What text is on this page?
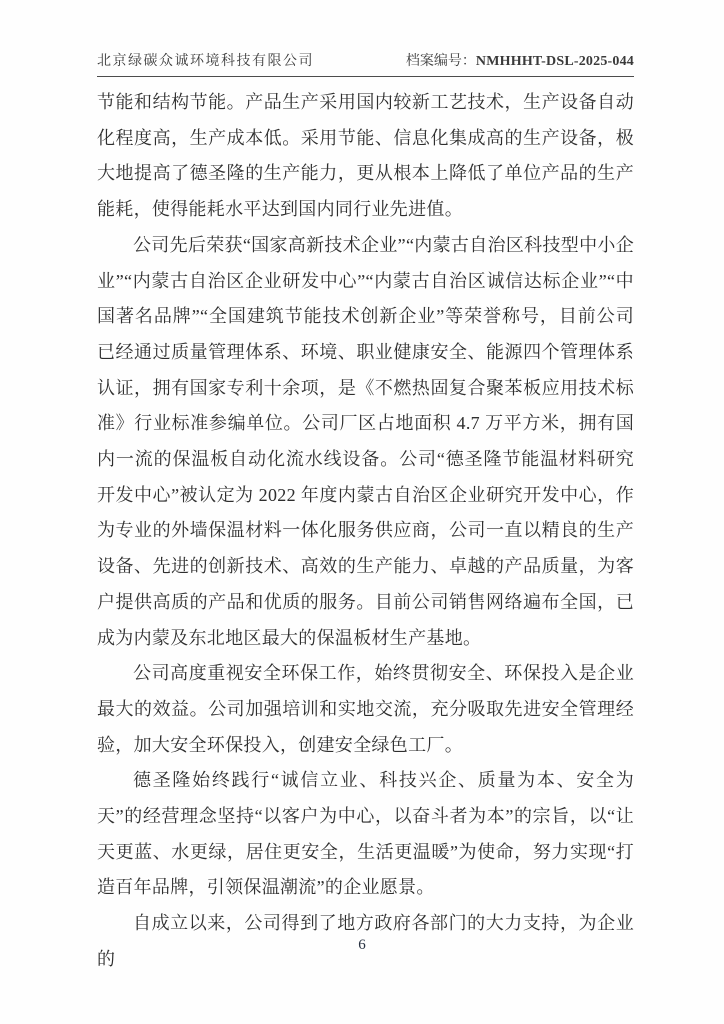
北京绿碳众诚环境科技有限公司	档案编号：NMHHHT-DSL-2025-044

节能和结构节能。产品生产采用国内较新工艺技术，生产设备自动化程度高，生产成本低。采用节能、信息化集成高的生产设备，极大地提高了德圣隆的生产能力，更从根本上降低了单位产品的生产能耗，使得能耗水平达到国内同行业先进值。

公司先后荣获“国家高新技术企业”“内蒙古自治区科技型中小企业”“内蒙古自治区企业研发中心”“内蒙古自治区诚信达标企业”“中国著名品牌”“全国建筑节能技术创新企业”等荣誉称号，目前公司已经通过质量管理体系、环境、职业健康安全、能源四个管理体系认证，拥有国家专利十余项，是《不燃热固复合聚苯板应用技术标准》行业标准参编单位。公司厂区占地面积 4.7 万平方米，拥有国内一流的保温板自动化流水线设备。公司“德圣隆节能温材料研究开发中心”被认定为 2022 年度内蒙古自治区企业研究开发中心，作为专业的外墙保温材料一体化服务供应商，公司一直以精良的生产设备、先进的创新技术、高效的生产能力、卓越的产品质量，为客户提供高质的产品和优质的服务。目前公司销售网络遍布全国，已成为内蒙及东北地区最大的保温板材生产基地。

公司高度重视安全环保工作，始终贯彻安全、环保投入是企业最大的效益。公司加强培训和实地交流，充分吸取先进安全管理经验，加大安全环保投入，创建安全绿色工厂。

德圣隆始终践行“诚信立业、科技兴企、质量为本、安全为天”的经营理念坚持“以客户为中心，以奋斗者为本”的宗旨，以“让天更蓝、水更绿，居住更安全，生活更温暖”为使命，努力实现“打造百年品牌，引领保温潮流”的企业愿景。

自成立以来，公司得到了地方政府各部门的大力支持，为企业的

6
